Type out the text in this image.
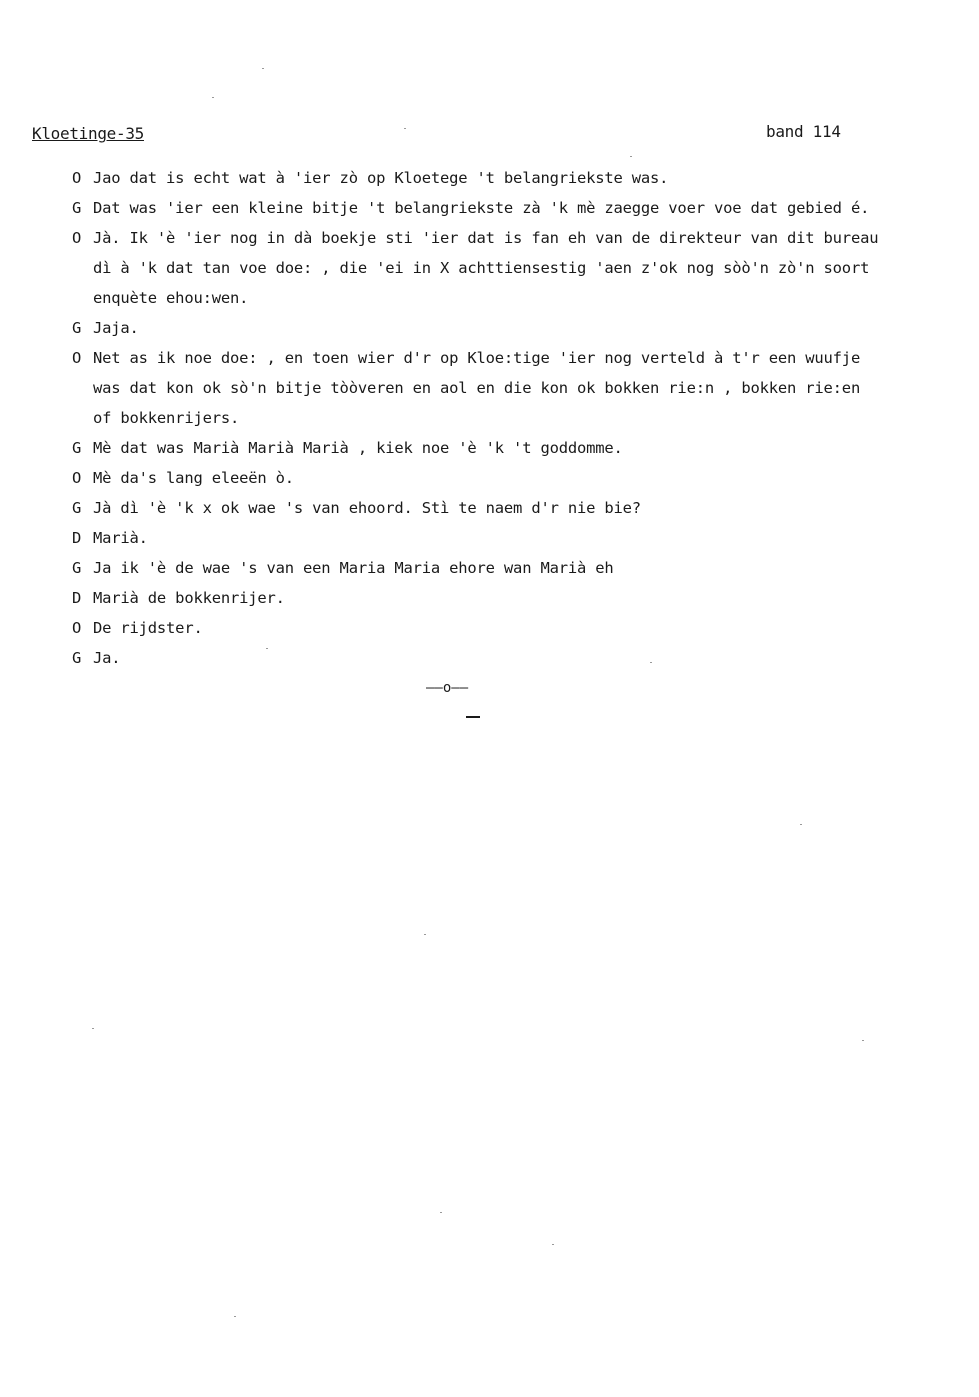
Kloetinge-35	band 114
O Jao dat is echt wat à 'ier zò op Kloetege 't belangriekste was.
G Dat was 'ier een kleine bitje 't belangriekste zà 'k mè zaegge voer voe dat gebied é.
O Jà. Ik 'è 'ier nog in dà boekje sti 'ier dat is fan eh van de direkteur van dit bureau
dì à 'k dat tan voe doe: , die 'ei in X achttiensestig 'aen z'ok nog sòò'n zò'n soort
enquète ehou:wen.
G Jaja.
O Net as ik noe doe: , en toen wier d'r op Kloe:tige 'ier nog verteld à t'r een wuufje
was dat kon ok sò'n bitje tòòveren en aol en die kon ok bokken rie:n , bokken rie:en
of bokkenrijers.
G Mè dat was Marià Marià Marià , kiek noe 'è 'k 't goddomme.
O Mè da's lang eleeën ò.
G Jà dì 'è 'k x ok wae 's van ehoord. Stì te naem d'r nie bie?
D Marià.
G Ja ik 'è de wae 's van een Maria Maria ehore wan Marià eh
D Marià de bokkenrijer.
O De rijdster.
G Ja.
——o——
